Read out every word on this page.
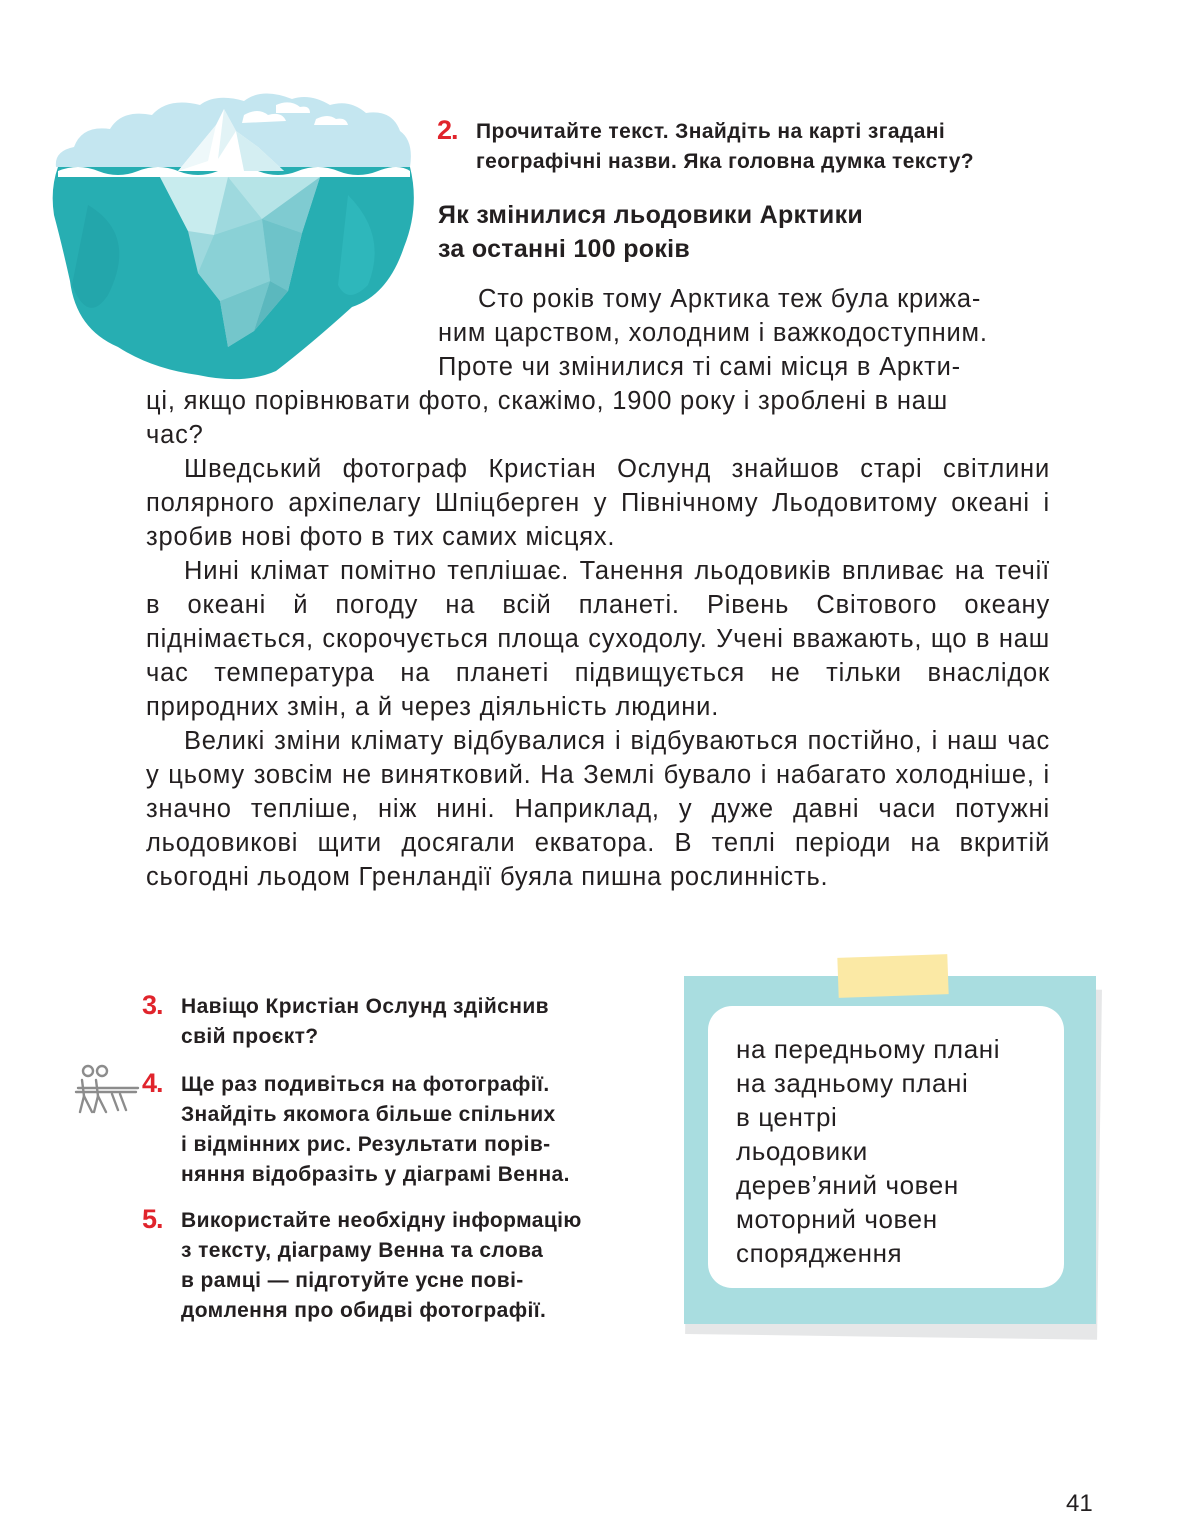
2. Прочитайте текст. Знайдіть на карті згадані
географічні назви. Яка головна думка тексту?
Як змінилися льодовики Арктики
за останні 100 років
Сто років тому Арктика теж була крижа-
ним царством, холодним і важкодоступним.
Проте чи змінилися ті самі місця в Аркти-
ці, якщо порівнювати фото, скажімо, 1900 року і зроблені в наш
час?

Шведський фотограф Кристіан Ослунд знайшов старі світлини полярного архіпелагу Шпіцберген у Північному Льодовитому океані і зробив нові фото в тих самих місцях.

Нині клімат помітно теплішає. Танення льодовиків впливає на течії в океані й погоду на всій планеті. Рівень Світового океану піднімається, скорочується площа суходолу. Учені вважають, що в наш час температура на планеті підвищується не тільки внаслідок природних змін, а й через діяльність людини.

Великі зміни клімату відбувалися і відбуваються постійно, і наш час у цьому зовсім не винятковий. На Землі бувало і набагато холодніше, і значно тепліше, ніж нині. Наприклад, у дуже давні часи потужні льодовикові щити досягали екватора. В теплі періоди на вкритій сьогодні льодом Гренландії буяла пишна рослинність.

3. Навіщо Кристіан Ослунд здійснив
свій проєкт?
4. Ще раз подивіться на фотографії.
Знайдіть якомога більше спільних
і відмінних рис. Результати порів-
няння відобразіть у діаграмі Венна.
5. Використайте необхідну інформацію
з тексту, діаграму Венна та слова
в рамці — підготуйте усне пові-
домлення про обидві фотографії.
на передньому плані
на задньому плані
в центрі
льодовики
дерев’яний човен
моторний човен
спорядження
41
